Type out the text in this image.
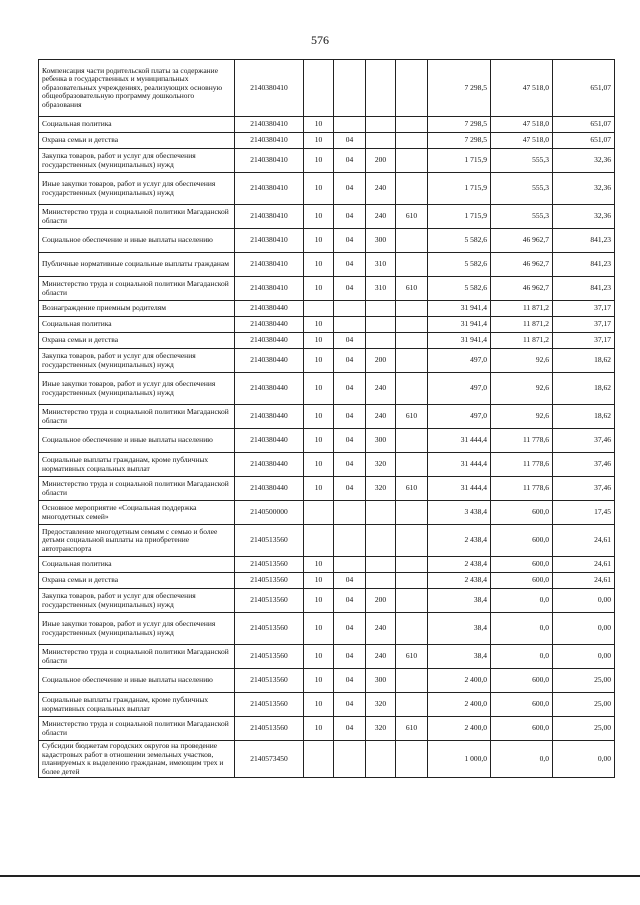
576
Компенсация части родительской платы за содержание ребенка в государственных и муниципальных образовательных учреждениях, реализующих основную общеобразовательную программу дошкольного образования	2140380410					7 298,5	47 518,0	651,07
Социальная политика	2140380410	10				7 298,5	47 518,0	651,07
Охрана семьи и детства	2140380410	10	04			7 298,5	47 518,0	651,07
Закупка товаров, работ и услуг для обеспечения государственных (муниципальных) нужд	2140380410	10	04	200		1 715,9	555,3	32,36
Иные закупки товаров, работ и услуг для обеспечения государственных (муниципальных) нужд	2140380410	10	04	240		1 715,9	555,3	32,36
Министерство труда и социальной политики Магаданской области	2140380410	10	04	240	610	1 715,9	555,3	32,36
Социальное обеспечение и иные выплаты населению	2140380410	10	04	300		5 582,6	46 962,7	841,23
Публичные нормативные социальные выплаты гражданам	2140380410	10	04	310		5 582,6	46 962,7	841,23
Министерство труда и социальной политики Магаданской области	2140380410	10	04	310	610	5 582,6	46 962,7	841,23
Вознаграждение приемным родителям	2140380440					31 941,4	11 871,2	37,17
Социальная политика	2140380440	10				31 941,4	11 871,2	37,17
Охрана семьи и детства	2140380440	10	04			31 941,4	11 871,2	37,17
Закупка товаров, работ и услуг для обеспечения государственных (муниципальных) нужд	2140380440	10	04	200		497,0	92,6	18,62
Иные закупки товаров, работ и услуг для обеспечения государственных (муниципальных) нужд	2140380440	10	04	240		497,0	92,6	18,62
Министерство труда и социальной политики Магаданской области	2140380440	10	04	240	610	497,0	92,6	18,62
Социальное обеспечение и иные выплаты населению	2140380440	10	04	300		31 444,4	11 778,6	37,46
Социальные выплаты гражданам, кроме публичных нормативных социальных выплат	2140380440	10	04	320		31 444,4	11 778,6	37,46
Министерство труда и социальной политики Магаданской области	2140380440	10	04	320	610	31 444,4	11 778,6	37,46
Основное мероприятие «Социальная поддержка многодетных семей»	2140500000					3 438,4	600,0	17,45
Предоставление многодетным семьям с семью и более детьми социальной выплаты на приобретение автотранспорта	2140513560					2 438,4	600,0	24,61
Социальная политика	2140513560	10				2 438,4	600,0	24,61
Охрана семьи и детства	2140513560	10	04			2 438,4	600,0	24,61
Закупка товаров, работ и услуг для обеспечения государственных (муниципальных) нужд	2140513560	10	04	200		38,4	0,0	0,00
Иные закупки товаров, работ и услуг для обеспечения государственных (муниципальных) нужд	2140513560	10	04	240		38,4	0,0	0,00
Министерство труда и социальной политики Магаданской области	2140513560	10	04	240	610	38,4	0,0	0,00
Социальное обеспечение и иные выплаты населению	2140513560	10	04	300		2 400,0	600,0	25,00
Социальные выплаты гражданам, кроме публичных нормативных социальных выплат	2140513560	10	04	320		2 400,0	600,0	25,00
Министерство труда и социальной политики Магаданской области	2140513560	10	04	320	610	2 400,0	600,0	25,00
Субсидии бюджетам городских округов на проведение кадастровых работ в отношении земельных участков, планируемых к выделению гражданам, имеющим трех и более детей	2140573450					1 000,0	0,0	0,00
